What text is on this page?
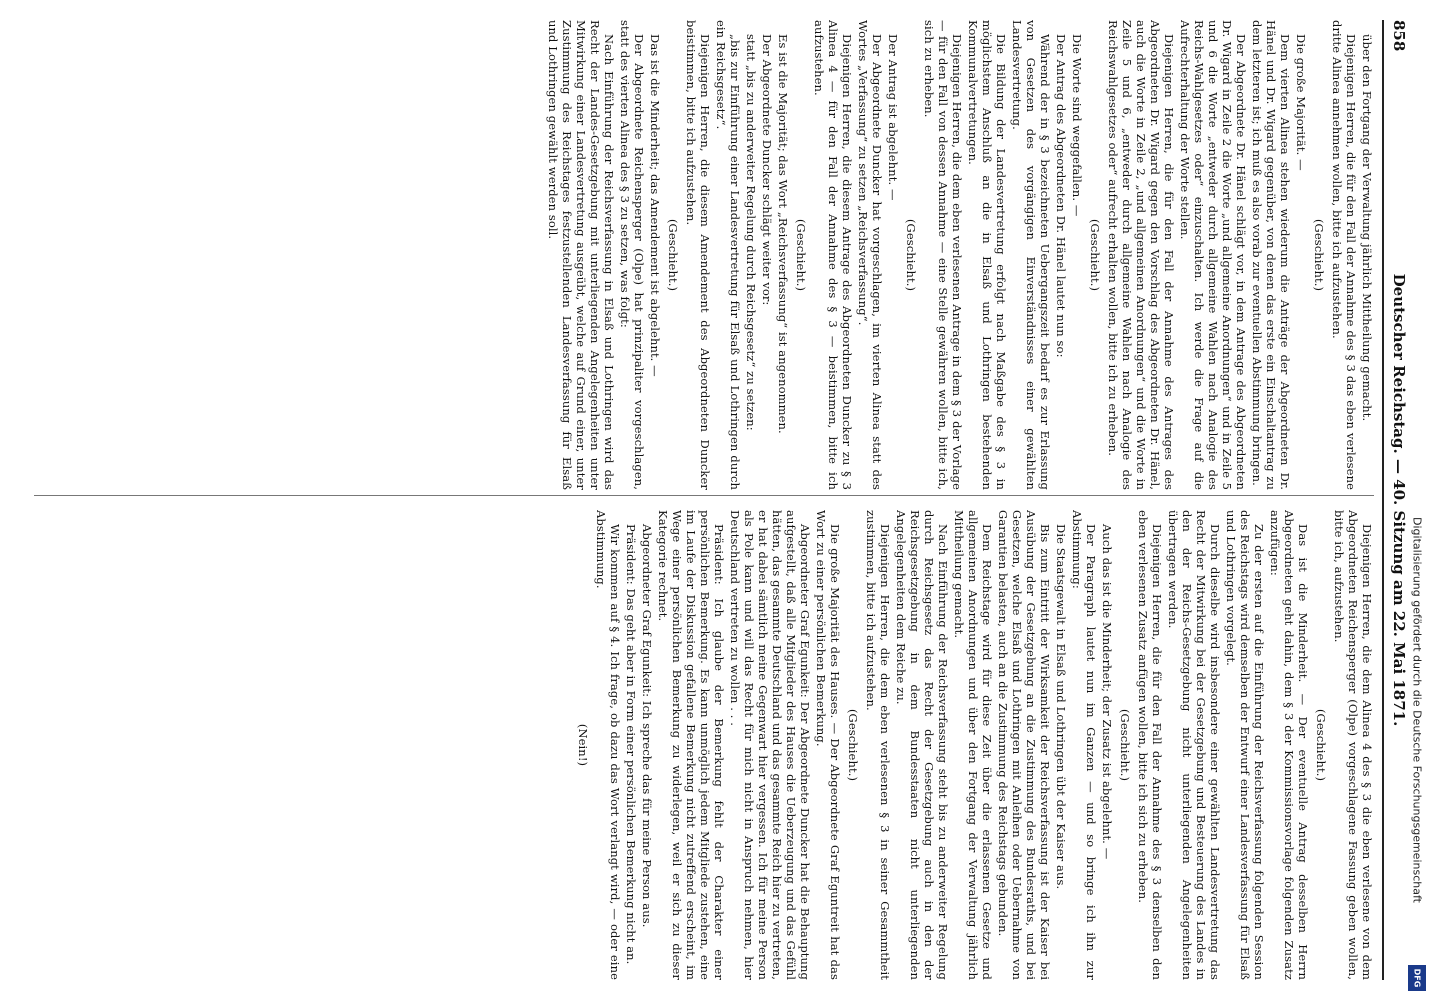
858
Deutscher Reichstag. — 40. Sitzung am 22. Mai 1871.

über den Fortgang der Verwaltung jährlich Mittheilung gemacht.

Diejenigen Herren, die für den Fall der Annahme des § 3 das eben verlesene dritte Alinea annehmen wollen, bitte ich aufzustehen.

(Geschieht.)

Die große Majorität. —

Dem vierten Alinea stehen wiederum die Anträge der Abgeordneten Dr. Hänel und Dr. Wigard gegenüber, von denen das erste ein Einschaltantrag zu dem letzteren ist; ich muß es also vorab zur eventuellen Abstimmung bringen.

Der Abgeordnete Dr. Hänel schlägt vor, in dem Antrage des Abgeordneten Dr. Wigard in Zeile 2 die Worte „und allgemeine Anordnungen“ und in Zeile 5 und 6 die Worte „entweder durch allgemeine Wahlen nach Analogie des Reichs-Wahlgesetzes oder“ einzuschalten. Ich werde die Frage auf die Aufrechterhaltung der Worte stellen.

Diejenigen Herren, die für den Fall der Annahme des Antrages des Abgeordneten Dr. Wigard gegen den Vorschlag des Abgeordneten Dr. Hänel, auch die Worte in Zeile 2, „und allgemeinen Anordnungen“ und die Worte in Zeile 5 und 6, „entweder durch allgemeine Wahlen nach Analogie des Reichswahlgesetzes oder“ aufrecht erhalten wollen, bitte ich zu erheben.

(Geschieht.)

Die Worte sind weggefallen. —

Der Antrag des Abgeordneten Dr. Hänel lautet nun so:

Während der in § 3 bezeichneten Uebergangszeit bedarf es zur Erlassung von Gesetzen des vorgängigen Einverständnisses einer gewählten Landesvertretung.

Die Bildung der Landesvertretung erfolgt nach Maßgabe des § 3 in möglichstem Anschluß an die in Elsaß und Lothringen bestehenden Kommunalvertretungen.

Diejenigen Herren, die dem eben verlesenen Antrage in dem § 3 der Vorlage — für den Fall von dessen Annahme — eine Stelle gewähren wollen, bitte ich, sich zu erheben.

(Geschieht.)

Der Antrag ist abgelehnt. —

Der Abgeordnete Duncker hat vorgeschlagen, im vierten Alinea statt des Wortes „Verfassung“ zu setzen „Reichsverfassung“.

Diejenigen Herren, die diesem Antrage des Abgeordneten Duncker zu § 3 Alinea 4 — für den Fall der Annahme des § 3 — beistimmen, bitte ich aufzustehen.

(Geschieht.)

Es ist die Majorität; das Wort „Reichsverfassung“ ist angenommen.

Der Abgeordnete Duncker schlägt weiter vor:

statt „bis zu anderweiter Regelung durch Reichsgesetz“ zu setzen:

„bis zur Einführung einer Landesvertretung für Elsaß und Lothringen durch ein Reichsgesetz“.

Diejenigen Herren, die diesem Amendement des Abgeordneten Duncker beistimmen, bitte ich aufzustehen.

(Geschieht.)

Das ist die Minderheit; das Amendement ist abgelehnt. —

Der Abgeordnete Reichensperger (Olpe) hat prinzipaliter vorgeschlagen, statt des vierten Alinea des § 3 zu setzen, was folgt:

Nach Einführung der Reichsverfassung in Elsaß und Lothringen wird das Recht der Landes-Gesetzgebung mit unterliegenden Angelegenheiten unter Mitwirkung einer Landesvertretung ausgeübt, welche auf Grund einer, unter Zustimmung des Reichstages festzustellenden Landesverfassung für Elsaß und Lothringen gewählt werden soll.

Diejenigen Herren, die dem Alinea 4 des § 3 die eben verlesene von dem Abgeordneten Reichensperger (Olpe) vorgeschlagene Fassung geben wollen, bitte ich, aufzustehen.

(Geschieht.)

Das ist die Minderheit. — Der eventuelle Antrag desselben Herrn Abgeordneten geht dahin, dem § 3 der Kommissionsvorlage folgenden Zusatz anzufügen:

Zu der ersten auf die Einführung der Reichsverfassung folgenden Session des Reichstags wird demselben der Entwurf einer Landesverfassung für Elsaß und Lothringen vorgelegt.

Durch dieselbe wird insbesondere einer gewählten Landesvertretung das Recht der Mitwirkung bei der Gesetzgebung und Besteuerung des Landes in den der Reichs-Gesetzgebung nicht unterliegenden Angelegenheiten übertragen werden.

Diejenigen Herren, die für den Fall der Annahme des § 3 denselben den eben verlesenen Zusatz anfügen wollen, bitte ich sich zu erheben.

(Geschieht.)

Auch das ist die Minderheit; der Zusatz ist abgelehnt. —

Der Paragraph lautet nun im Ganzen — und so bringe ich ihn zur Abstimmung:

Die Staatsgewalt in Elsaß und Lothringen übt der Kaiser aus.

Bis zum Eintritt der Wirksamkeit der Reichsverfassung ist der Kaiser bei Ausübung der Gesetzgebung an die Zustimmung des Bundesraths, und bei Gesetzen, welche Elsaß und Lothringen mit Anleihen oder Uebernahme von Garantien belasten, auch an die Zustimmung des Reichstags gebunden.

Dem Reichstage wird für diese Zeit über die erlassenen Gesetze und allgemeinen Anordnungen und über den Fortgang der Verwaltung jährlich Mittheilung gemacht.

Nach Einführung der Reichsverfassung steht bis zu anderweiter Regelung durch Reichsgesetz das Recht der Gesetzgebung auch in den der Reichsgesetzgebung in dem Bundesstaaten nicht unterliegenden Angelegenheiten dem Reiche zu.

Diejenigen Herren, die dem eben verlesenen § 3 in seiner Gesammtheit zustimmen, bitte ich aufzustehen.

(Geschieht.)

Die große Majorität des Hauses. — Der Abgeordnete Graf Eguntreit hat das Wort zu einer persönlichen Bemerkung.

Abgeordneter Graf Egunkeit: Der Abgeordnete Duncker hat die Behauptung aufgestellt, daß alle Mitglieder des Hauses die Ueberzeugung und das Gefühl hätten, das gesammte Deutschland und das gesammte Reich hier zu vertreten, er hat dabei sämtlich meine Gegenwart hier vergessen. Ich für meine Person als Pole kann und will das Recht für mich nicht in Anspruch nehmen, hier Deutschland vertreten zu wollen . . .

Präsident: Ich glaube der Bemerkung fehlt der Charakter einer persönlichen Bemerkung. Es kann unmöglich jedem Mitgliede zustehen, eine im Laufe der Diskussion gefallene Bemerkung nicht zutreffend erscheint, im Wege einer persönlichen Bemerkung zu widerlegen, weil er sich zu dieser Kategorie rechnet.

Abgeordneter Graf Egunkeit: Ich spreche das für meine Person aus.

Präsident: Das geht aber in Form einer persönlichen Bemerkung nicht an.

Wir kommen auf § 4. Ich frage, ob dazu das Wort verlangt wird, — oder eine Abstimmung.

(Nein!)	Digitalisierung gefördert durch die Deutsche Forschungsgemeinschaft
DFG
